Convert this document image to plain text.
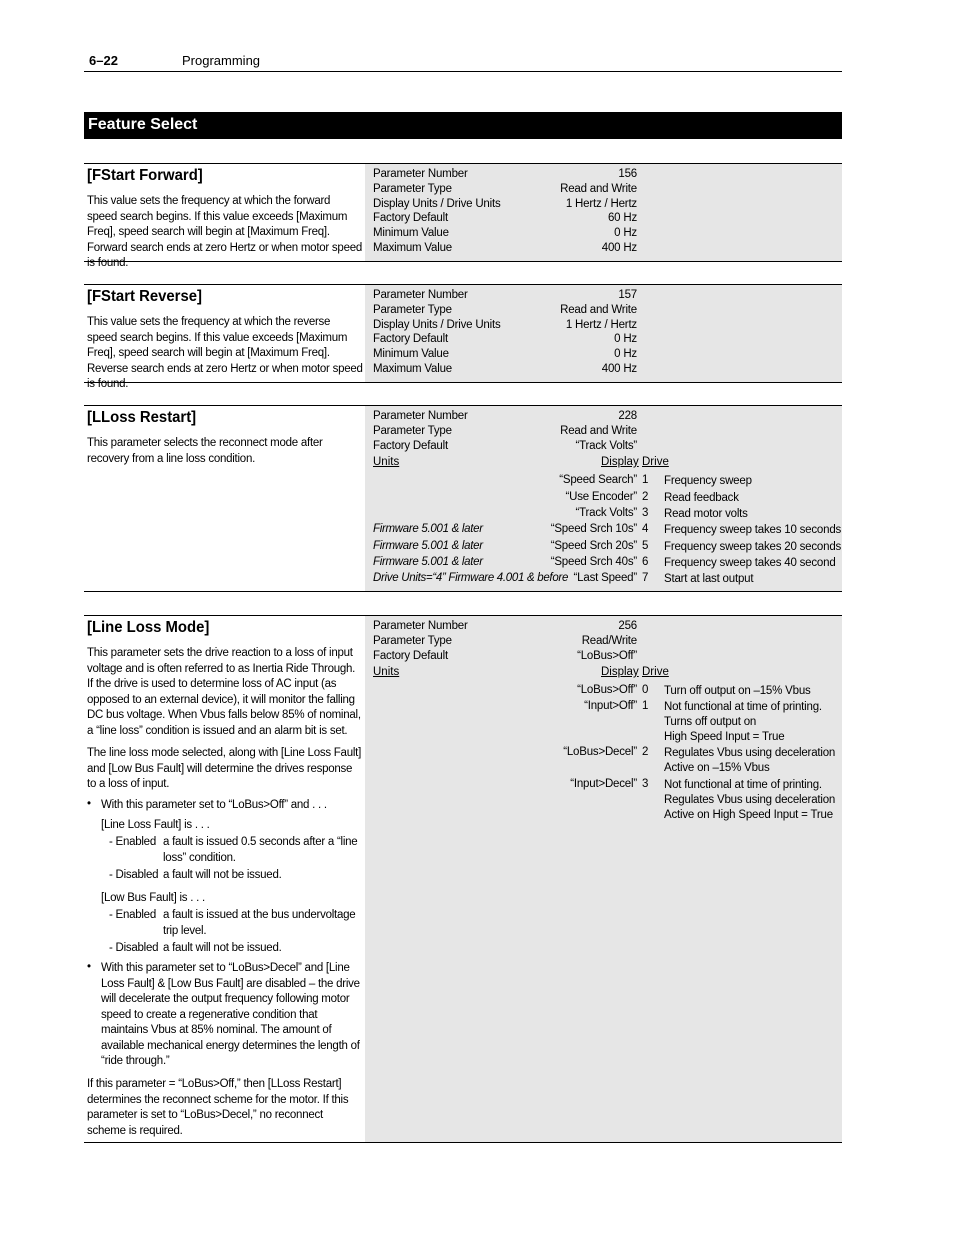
6–22	Programming
Feature Select
[FStart Forward]
This value sets the frequency at which the forward speed search begins. If this value exceeds [Maximum Freq], speed search will begin at [Maximum Freq]. Forward search ends at zero Hertz or when motor speed is found.
Parameter Number	156
Parameter Type	Read and Write
Display Units / Drive Units	1 Hertz / Hertz
Factory Default	60 Hz
Minimum Value	0 Hz
Maximum Value	400 Hz
[FStart Reverse]
This value sets the frequency at which the reverse speed search begins. If this value exceeds [Maximum Freq], speed search will begin at [Maximum Freq]. Reverse search ends at zero Hertz or when motor speed is found.
Parameter Number	157
Parameter Type	Read and Write
Display Units / Drive Units	1 Hertz / Hertz
Factory Default	0 Hz
Minimum Value	0 Hz
Maximum Value	400 Hz
[LLoss Restart]
This parameter selects the reconnect mode after recovery from a line loss condition.
Parameter Number	228
Parameter Type	Read and Write
Factory Default	“Track Volts”
Units	Display Drive
“Speed Search” 1 Frequency sweep
“Use Encoder” 2 Read feedback
“Track Volts” 3 Read motor volts
Firmware 5.001 & later	“Speed Srch 10s” 4 Frequency sweep takes 10 seconds
Firmware 5.001 & later	“Speed Srch 20s” 5 Frequency sweep takes 20 seconds
Firmware 5.001 & later	“Speed Srch 40s” 6 Frequency sweep takes 40 second
Drive Units=“4” Firmware 4.001 & before “Last Speed” 7 Start at last output
[Line Loss Mode]
This parameter sets the drive reaction to a loss of input voltage and is often referred to as Inertia Ride Through. If the drive is used to determine loss of AC input (as opposed to an external device), it will monitor the falling DC bus voltage. When Vbus falls below 85% of nominal, a “line loss” condition is issued and an alarm bit is set.
The line loss mode selected, along with [Line Loss Fault] and [Low Bus Fault] will determine the drives response to a loss of input.
• With this parameter set to “LoBus>Off” and . . .
[Line Loss Fault] is . . .
- Enabled a fault is issued 0.5 seconds after a “line loss” condition.
- Disabled a fault will not be issued.
[Low Bus Fault] is . . .
- Enabled a fault is issued at the bus undervoltage trip level.
- Disabled a fault will not be issued.
• With this parameter set to “LoBus>Decel” and [Line Loss Fault] & [Low Bus Fault] are disabled – the drive will decelerate the output frequency following motor speed to create a regenerative condition that maintains Vbus at 85% nominal. The amount of available mechanical energy determines the length of “ride through.”
If this parameter = “LoBus>Off,” then [LLoss Restart] determines the reconnect scheme for the motor. If this parameter is set to “LoBus>Decel,” no reconnect scheme is required.
Parameter Number	256
Parameter Type	Read/Write
Factory Default	“LoBus>Off”
Units	Display Drive
“LoBus>Off” 0 Turn off output on –15% Vbus
“Input>Off” 1 Not functional at time of printing.
Turns off output on
High Speed Input = True
“LoBus>Decel” 2 Regulates Vbus using deceleration
Active on –15% Vbus
“Input>Decel” 3 Not functional at time of printing.
Regulates Vbus using deceleration
Active on High Speed Input = True
